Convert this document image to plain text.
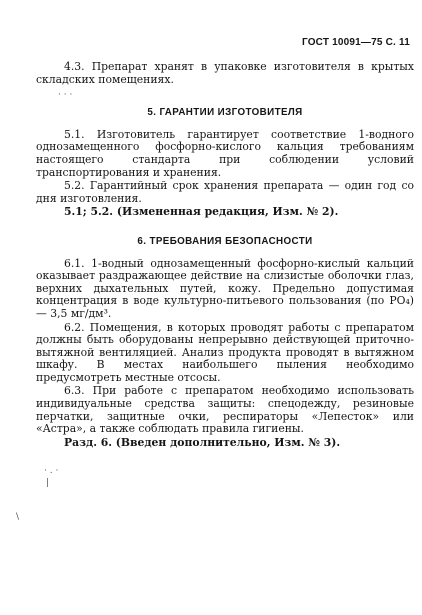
ГОСТ 10091—75 С. 11

4.3. Препарат хранят в упаковке изготовителя в крытых складских помещениях.

5. ГАРАНТИИ ИЗГОТОВИТЕЛЯ

5.1. Изготовитель гарантирует соответствие 1-водного однозамещенного фосфорно-кислого кальция требованиям настоящего стандарта при соблюдении условий транспортирования и хранения.

5.2. Гарантийный срок хранения препарата — один год со дня изготовления.

5.1; 5.2. (Измененная редакция, Изм. № 2).

6. ТРЕБОВАНИЯ БЕЗОПАСНОСТИ

6.1. 1-водный однозамещенный фосфорно-кислый кальций оказывает раздражающее действие на слизистые оболочки глаз, верхних дыхательных путей, кожу. Предельно допустимая концентрация в воде культурно-питьевого пользования (по PO₄) — 3,5 мг/дм³.

6.2. Помещения, в которых проводят работы с препаратом должны быть оборудованы непрерывно действующей приточно-вытяжной вентиляцией. Анализ продукта проводят в вытяжном шкафу. В местах наибольшего пыления необходимо предусмотреть местные отсосы.

6.3. При работе с препаратом необходимо использовать индивидуальные средства защиты: спецодежду, резиновые перчатки, защитные очки, респираторы «Лепесток» или «Астра», а также соблюдать правила гигиены.

Разд. 6. (Введен дополнительно, Изм. № 3).

· · ·
· . ·
|
\
